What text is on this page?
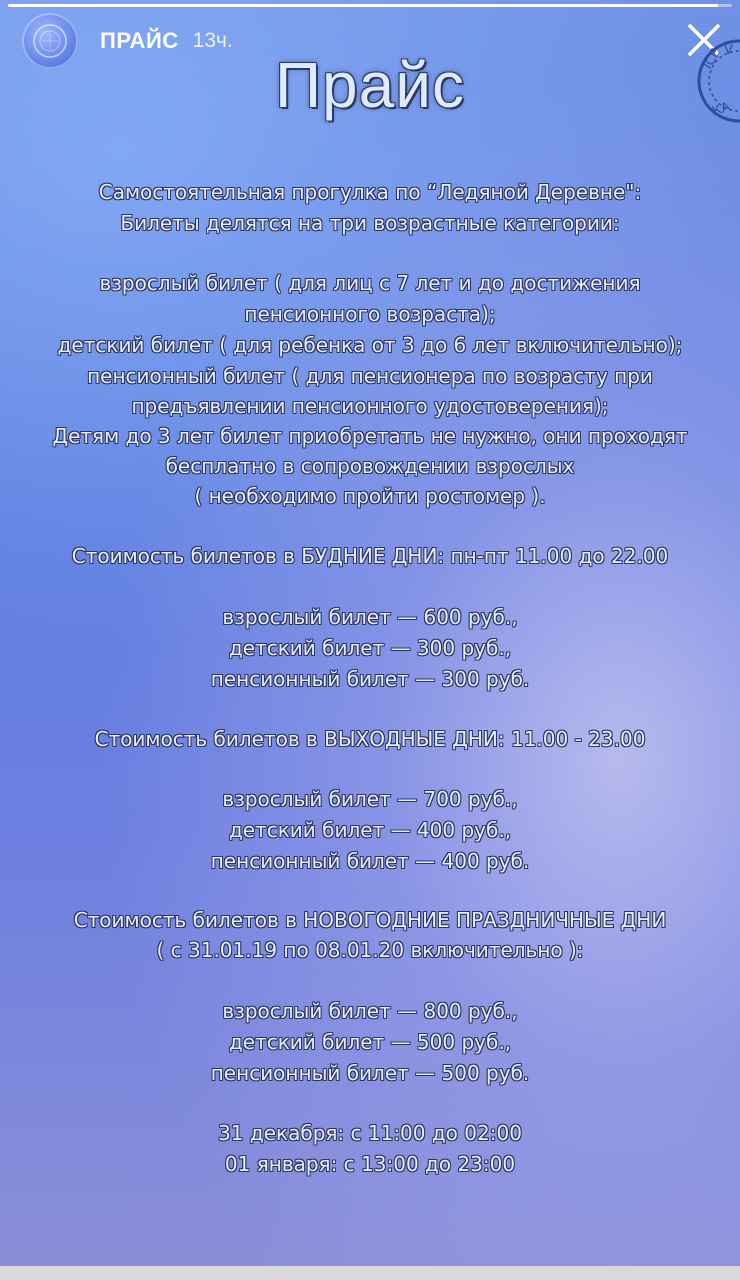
ПРАЙС 13ч.
ICE V
КА
Прайс
Самостоятельная прогулка по “Ледяной Деревне":
Билеты делятся на три возрастные категории:
взрослый билет ( для лиц с 7 лет и до достижения
пенсионного возраста);
детский билет ( для ребенка от 3 до 6 лет включительно);
пенсионный билет ( для пенсионера по возрасту при
предъявлении пенсионного удостоверения);
Детям до 3 лет билет приобретать не нужно, они проходят
бесплатно в сопровождении взрослых
( необходимо пройти ростомер ).
Стоимость билетов в БУДНИЕ ДНИ: пн-пт 11.00 до 22.00
взрослый билет — 600 руб.,
детский билет — 300 руб.,
пенсионный билет — 300 руб.
Стоимость билетов в ВЫХОДНЫЕ ДНИ: 11.00 - 23.00
взрослый билет — 700 руб.,
детский билет — 400 руб.,
пенсионный билет — 400 руб.
Стоимость билетов в НОВОГОДНИЕ ПРАЗДНИЧНЫЕ ДНИ
( с 31.01.19 по 08.01.20 включительно ):
взрослый билет — 800 руб.,
детский билет — 500 руб.,
пенсионный билет — 500 руб.
31 декабря: с 11:00 до 02:00
01 января: с 13:00 до 23:00
